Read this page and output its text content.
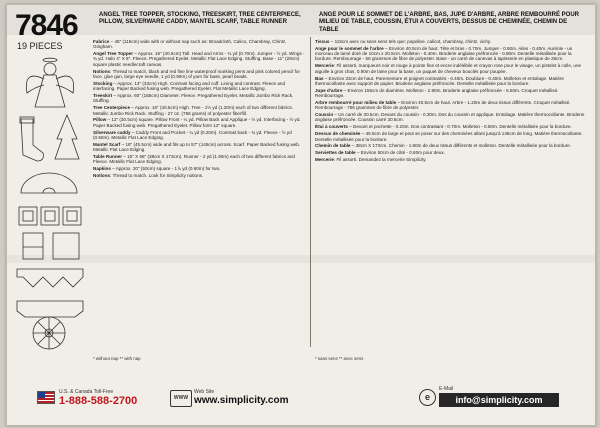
7846
19 PIECES
ANGEL TREE TOPPER, STOCKING, TREESKIRT, TREE CENTERPIECE, PILLOW, SILVERWARE CADDY, MANTEL SCARF, TABLE RUNNER
ANGE POUR LE SOMMET DE L'ARBRE, BAS, JUPE D'ARBRE, ARBRE REMBOURRÉ POUR MILIEU DE TABLE, COUSSIN, ÉTUI A COUVERTS, DESSUS DE CHEMINÉE, CHEMIN DE TABLE

Fabrics – 45" (115cm) wide with or without nap such as: Broadcloth, Calico, Chambray, Chintz, Gingham.

Angel Tree Topper – Approx. 16" (40.5cm) Tall. Head and Arms - ¾ yd (0.70m). Jumper - ½ yd. Wings - ¾ yd. Halo 4" X 8". Fleece. Pregathered Eyelet. Metallic Flat Lace Edging. Stuffing. Base - 11" (28cm) square plastic needlecraft canvas.

Notions: Thread to match, black and red fine line waterproof marking pens and pink colored pencil for face, glue gun, large eye needle, 1 yd (0.90m) of yarn for base, pearl beads.

Stocking – Approx. 13" (33cm) High. Contrast facing and cuff. Lining and contrast. Fleece and interfacing. Paper Backed fusing web. Pregathered Eyelet. Flat Metallic Lace Edging.

Treeskirt – Approx. 60" (155cm) Diameter. Fleece. Pregathered Eyelet. Metallic Jumbo Rick Rack. Stuffing.

Tree Centerpiece – Approx. 16" (40.5cm) High. Tree - 1½ yd (1.20m) each of two different fabrics. Metallic Jumbo Rick Rack. Stuffing - 27 oz. (756 grams) of polyester fiberfill.

Pillow – 12" (30.5cm) square. Pillow Front - ¼ yd. Pillow Back and Applique - ½ yd. Interfacing - ½ yd. Paper Backed fusing web. Pregathered Eyelet. Pillow form 12" square.

Silverware caddy – Caddy Front and Pocket - ¼ yd (0.20m). Contrast back - ¾ yd. Fleece - ½ yd (0.50m). Metallic Flat Lace Edging.

Mantel Scarf – 18" (45.5cm) wide and fits up to 57" (145cm) across. Scarf. Paper Backed fusing web. Metallic Flat Lace Edging.

Table Runner – 15" X 68" (38cm X 173cm). Runner - 2 yd (1.90m) each of two different fabrics and Fleece. Metallic Flat Lace Edging.

Napkins – Approx. 20" (50cm) square - 1⅞ yd (0.60m) for two.

Notions: Thread to match. Look for Simplicity notions.

Tissus – 115cm avec ou sans sens tels que: popeline, calicot, chambray, chintz, vichy.

Ange pour le sommet de l'arbre – Environ 40.5cm de haut. Tête et bras - 0.70m. Jumper - 0.50m. Ailes - 0.40m. Auréole - un morceau de lamé doré de 10cm x 20.5cm. Molleton - 0.40m. Broderie anglaise préfroncée - 0.80m. Dentelle métallisée pour la bordure. Rembourrage - 56 grammes de fibre de polyester. Base - un carré de canevas à tapisserie en plastique de 28cm.

Mercerie: Fil assorti, marqueurs noir et rouge à pointe fine et encre indélébile et crayon rose pour le visage, un pistolet à colle, une aiguille à gros chas, 0.90m de laine pour la base, un paquet de cheveux bouclés pour poupée.

Bas – Environ 33cm de haut. Parementure et poignet contrastés - 0.40m. Doublure - 0.40m. Molleton et entoilage. Matière thermocollante avec support de papier. Broderie anglaise préfroncée. Dentelle métallisée pour la bordure.

Jupe d'arbre – Environ 155cm de diamètre. Molleton - 2.90m. Broderie anglaise préfroncée - 5.50m. Croquet métallisé. Rembourrage.

Arbre rembourré pour milieu de table – Environ 40.5cm de haut. Arbre - 1.20m de deux tissus différents. Croquet métallisé. Rembourrage - 756 grammes de fibre de polyester.

Coussin – Un carré de 30.5cm. Devant du coussin - 0.30m. Dos du coussin et applique. Entoilage. Matière thermocollante. Broderie anglaise préfroncée. Coussin carré 30.5cm.

Étui à couverts – Devant et pochette - 0.20m. Dos contrastant - 0.70m. Molleton - 0.50m. Dentelle métallisée pour la bordure.

Dessus de cheminée – 45.5cm de large et peut se poser sur des cheminées allant jusqu'à 145cm de long. Matière thermocollante. Dentelle métallisée pour la bordure.

Chemin de table – 38cm X 173cm. Chemin - 1.90m de deux tissus différents et molleton. Dentelle métallisée pour la bordure.

Serviettes de table – Environ 50cm de côté - 0.60m pour deux.

Mercerie: Fil assorti. Demandez la mercerie Simplicity.

* without nap ** with nap	* sans sens ** avec sens
U.S. & Canada Toll-Free
1-888-588-2700	WWW
Web Site
www.simplicity.com	e
E-Mail
info@simplicity.com
